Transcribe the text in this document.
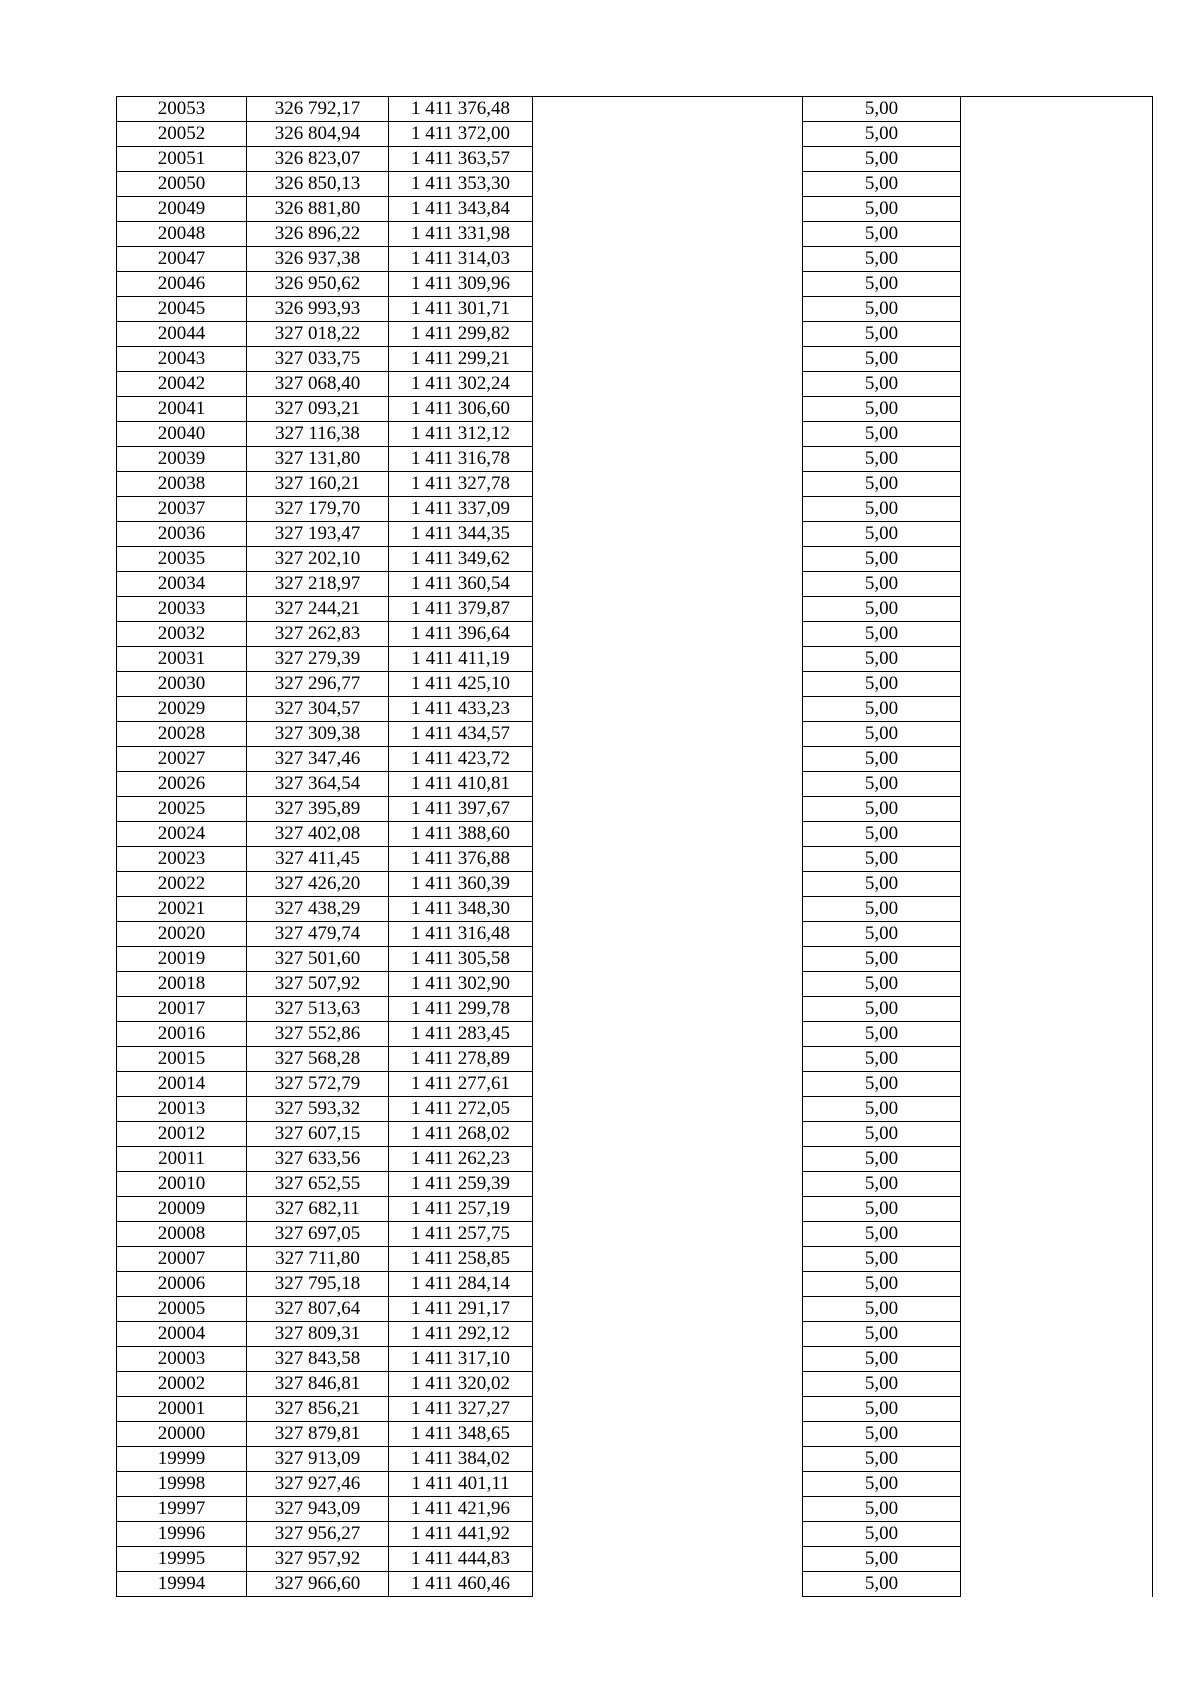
20053	326 792,17	1 411 376,48		5,00	
20052	326 804,94	1 411 372,00		5,00	
20051	326 823,07	1 411 363,57		5,00	
20050	326 850,13	1 411 353,30		5,00	
20049	326 881,80	1 411 343,84		5,00	
20048	326 896,22	1 411 331,98		5,00	
20047	326 937,38	1 411 314,03		5,00	
20046	326 950,62	1 411 309,96		5,00	
20045	326 993,93	1 411 301,71		5,00	
20044	327 018,22	1 411 299,82		5,00	
20043	327 033,75	1 411 299,21		5,00	
20042	327 068,40	1 411 302,24		5,00	
20041	327 093,21	1 411 306,60		5,00	
20040	327 116,38	1 411 312,12		5,00	
20039	327 131,80	1 411 316,78		5,00	
20038	327 160,21	1 411 327,78		5,00	
20037	327 179,70	1 411 337,09		5,00	
20036	327 193,47	1 411 344,35		5,00	
20035	327 202,10	1 411 349,62		5,00	
20034	327 218,97	1 411 360,54		5,00	
20033	327 244,21	1 411 379,87		5,00	
20032	327 262,83	1 411 396,64		5,00	
20031	327 279,39	1 411 411,19		5,00	
20030	327 296,77	1 411 425,10		5,00	
20029	327 304,57	1 411 433,23		5,00	
20028	327 309,38	1 411 434,57		5,00	
20027	327 347,46	1 411 423,72		5,00	
20026	327 364,54	1 411 410,81		5,00	
20025	327 395,89	1 411 397,67		5,00	
20024	327 402,08	1 411 388,60		5,00	
20023	327 411,45	1 411 376,88		5,00	
20022	327 426,20	1 411 360,39		5,00	
20021	327 438,29	1 411 348,30		5,00	
20020	327 479,74	1 411 316,48		5,00	
20019	327 501,60	1 411 305,58		5,00	
20018	327 507,92	1 411 302,90		5,00	
20017	327 513,63	1 411 299,78		5,00	
20016	327 552,86	1 411 283,45		5,00	
20015	327 568,28	1 411 278,89		5,00	
20014	327 572,79	1 411 277,61		5,00	
20013	327 593,32	1 411 272,05		5,00	
20012	327 607,15	1 411 268,02		5,00	
20011	327 633,56	1 411 262,23		5,00	
20010	327 652,55	1 411 259,39		5,00	
20009	327 682,11	1 411 257,19		5,00	
20008	327 697,05	1 411 257,75		5,00	
20007	327 711,80	1 411 258,85		5,00	
20006	327 795,18	1 411 284,14		5,00	
20005	327 807,64	1 411 291,17		5,00	
20004	327 809,31	1 411 292,12		5,00	
20003	327 843,58	1 411 317,10		5,00	
20002	327 846,81	1 411 320,02		5,00	
20001	327 856,21	1 411 327,27		5,00	
20000	327 879,81	1 411 348,65		5,00	
19999	327 913,09	1 411 384,02		5,00	
19998	327 927,46	1 411 401,11		5,00	
19997	327 943,09	1 411 421,96		5,00	
19996	327 956,27	1 411 441,92		5,00	
19995	327 957,92	1 411 444,83		5,00	
19994	327 966,60	1 411 460,46		5,00	
